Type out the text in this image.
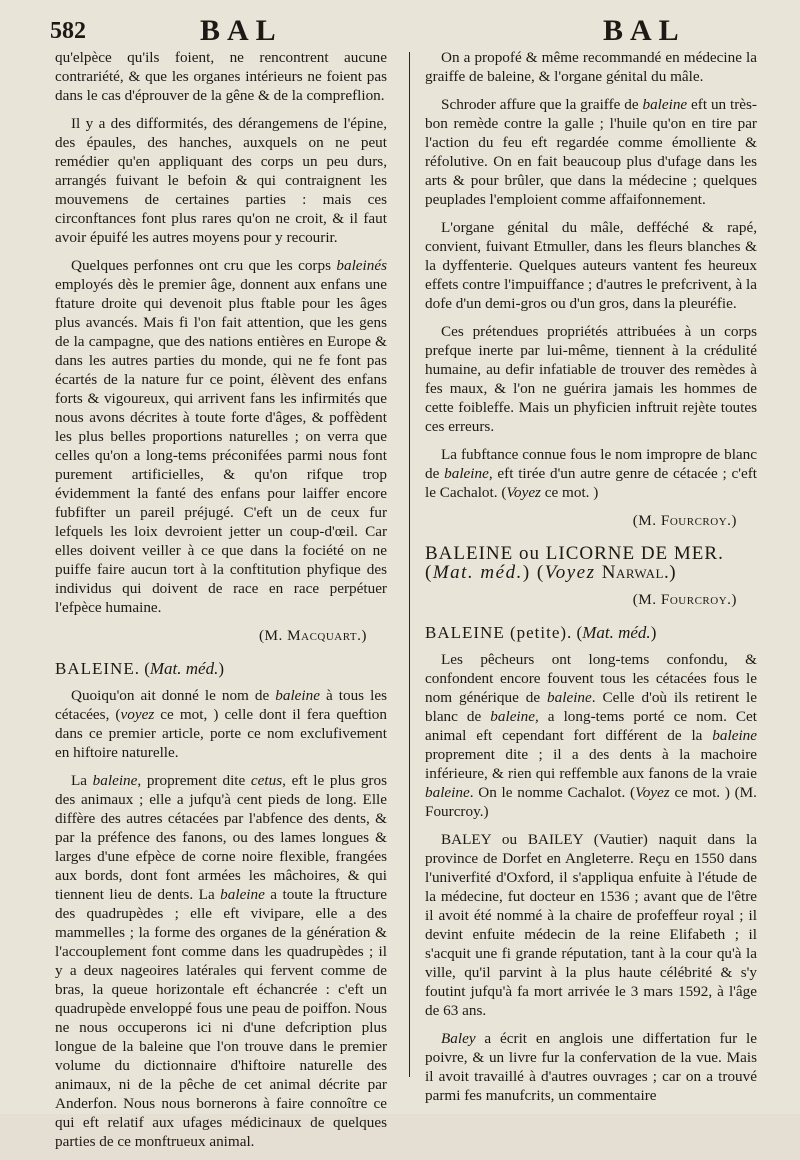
582	BAL	BAL

qu'elpèce qu'ils foient, ne rencontrent aucune contrariété, & que les organes intérieurs ne foient pas dans le cas d'éprouver de la gêne & de la compreflion.

Il y a des difformités, des dérangemens de l'épine, des épaules, des hanches, auxquels on ne peut remédier qu'en appliquant des corps un peu durs, arrangés fuivant le befoin & qui contraignent les mouvemens de certaines parties : mais ces circonftances font plus rares qu'on ne croit, & il faut avoir épuifé les autres moyens pour y recourir.

Quelques perfonnes ont cru que les corps baleinés employés dès le premier âge, donnent aux enfans une ftature droite qui devenoit plus ftable pour les âges plus avancés. Mais fi l'on fait attention, que les gens de la campagne, que des nations entières en Europe & dans les autres parties du monde, qui ne fe font pas écartés de la nature fur ce point, élèvent des enfans forts & vigoureux, qui arrivent fans les infirmités que nous avons décrites à toute forte d'âges, & poffèdent les plus belles proportions naturelles ; on verra que celles qu'on a long-tems préconifées parmi nous font purement artificielles, & qu'on rifque trop évidemment la fanté des enfans pour laiffer encore fubfifter un pareil préjugé. C'eft un de ceux fur lefquels les loix devroient jetter un coup-d'œil. Car elles doivent veiller à ce que dans la fociété on ne puiffe faire aucun tort à la conftitution phyfique des individus qui doivent de race en race perpétuer l'efpèce humaine.

(M. Macquart.)

BALEINE. (Mat. méd.)

Quoiqu'on ait donné le nom de baleine à tous les cétacées, (voyez ce mot, ) celle dont il fera queftion dans ce premier article, porte ce nom exclufivement en hiftoire naturelle.

La baleine, proprement dite cetus, eft le plus gros des animaux ; elle a jufqu'à cent pieds de long. Elle diffère des autres cétacées par l'abfence des dents, & par la préfence des fanons, ou des lames longues & larges d'une efpèce de corne noire flexible, frangées aux bords, dont font armées les mâchoires, & qui tiennent lieu de dents. La baleine a toute la ftructure des quadrupèdes ; elle eft vivipare, elle a des mammelles ; la forme des organes de la génération & l'accouplement font comme dans les quadrupèdes ; il y a deux nageoires latérales qui fervent comme de bras, la queue horizontale eft échancrée : c'eft un quadrupède enveloppé fous une peau de poiffon. Nous ne nous occuperons ici ni d'une defcription plus longue de la baleine que l'on trouve dans le premier volume du dictionnaire d'hiftoire naturelle des animaux, ni de la pêche de cet animal décrite par Anderfon. Nous nous bornerons à faire connoître ce qui eft relatif aux ufages médicinaux de quelques parties de ce monftrueux animal.

On a propofé & même recommandé en médecine la graiffe de baleine, & l'organe génital du mâle.

Schroder affure que la graiffe de baleine eft un très-bon remède contre la galle ; l'huile qu'on en tire par l'action du feu eft regardée comme émolliente & réfolutive. On en fait beaucoup plus d'ufage dans les arts & pour brûler, que dans la médecine ; quelques peuplades l'emploient comme affaifonnement.

L'organe génital du mâle, defféché & rapé, convient, fuivant Etmuller, dans les fleurs blanches & la dyffenterie. Quelques auteurs vantent fes heureux effets contre l'impuiffance ; d'autres le prefcrivent, à la dofe d'un demi-gros ou d'un gros, dans la pleuréfie.

Ces prétendues propriétés attribuées à un corps prefque inerte par lui-même, tiennent à la crédulité humaine, au defir infatiable de trouver des remèdes à fes maux, & l'on ne guérira jamais les hommes de cette foibleffe. Mais un phyficien inftruit rejète toutes ces erreurs.

La fubftance connue fous le nom impropre de blanc de baleine, eft tirée d'un autre genre de cétacée ; c'eft le Cachalot. (Voyez ce mot. )

(M. Fourcroy.)

BALEINE ou LICORNE DE MER.
(Mat. méd.) (Voyez Narwal.)

(M. Fourcroy.)

BALEINE (petite). (Mat. méd.)

Les pêcheurs ont long-tems confondu, & confondent encore fouvent tous les cétacées fous le nom générique de baleine. Celle d'où ils retirent le blanc de baleine, a long-tems porté ce nom. Cet animal eft cependant fort différent de la baleine proprement dite ; il a des dents à la machoire inférieure, & rien qui reffemble aux fanons de la vraie baleine. On le nomme Cachalot. (Voyez ce mot. ) (M. Fourcroy.)

BALEY ou BAILEY (Vautier) naquit dans la province de Dorfet en Angleterre. Reçu en 1550 dans l'univerfité d'Oxford, il s'appliqua enfuite à l'étude de la médecine, fut docteur en 1536 ; avant que de l'être il avoit été nommé à la chaire de profeffeur royal ; il devint enfuite médecin de la reine Elifabeth ; il s'acquit une fi grande réputation, tant à la cour qu'à la ville, qu'il parvint à la plus haute célébrité & s'y foutint jufqu'à fa mort arrivée le 3 mars 1592, à l'âge de 63 ans.

Baley a écrit en anglois une differtation fur le poivre, & un livre fur la confervation de la vue. Mais il avoit travaillé à d'autres ouvrages ; car on a trouvé parmi fes manufcrits, un commentaire
